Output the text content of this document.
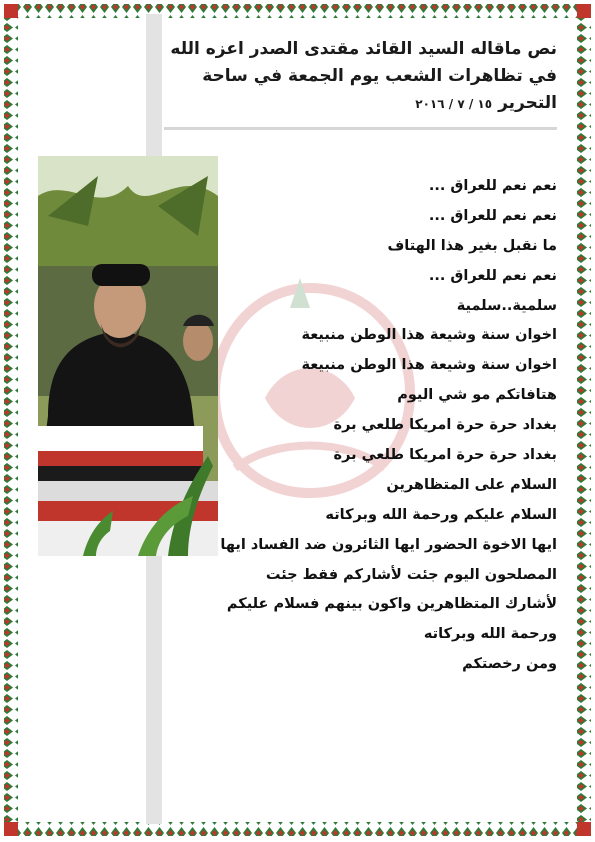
نص ماقاله السيد القائد مقتدى الصدر اعزه الله
في تظاهرات الشعب يوم الجمعة في ساحة
التحرير١٥ / ٧ / ٢٠١٦
نعم نعم للعراق ...
نعم نعم للعراق ...
ما نقبل بغير هذا الهتاف
نعم نعم للعراق ...
سلمية..سلمية
اخوان سنة وشيعة هذا الوطن منبيعة
اخوان سنة وشيعة هذا الوطن منبيعة
هتافاتكم مو شي اليوم
بغداد حرة حرة امريكا طلعي برة
بغداد حرة حرة امريكا طلعي برة
السلام على المتظاهرين
السلام عليكم ورحمة الله وبركاته
ايها الاخوة الحضور ايها الثائرون ضد الفساد ايها
المصلحون اليوم جئت لأشاركم فقط جئت
لأشارك المتظاهرين واكون بينهم فسلام عليكم
ورحمة الله وبركاته
ومن رخصتكم
